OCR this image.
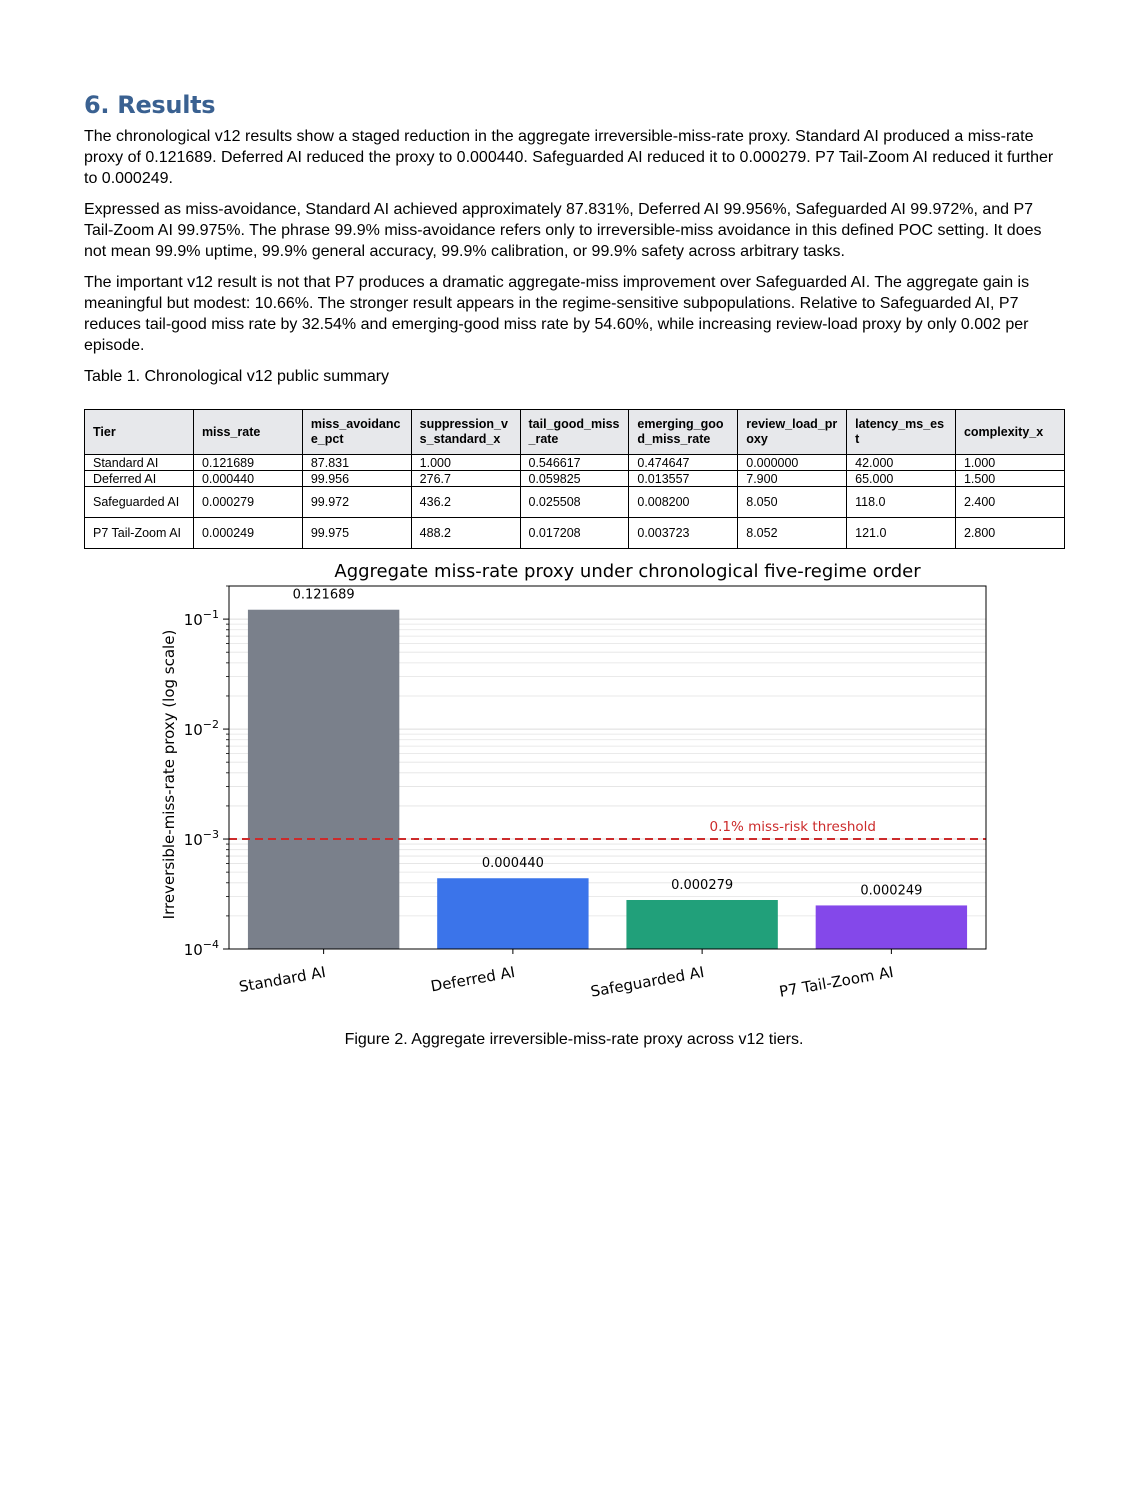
6. Results

The chronological v12 results show a staged reduction in the aggregate irreversible-miss-rate proxy. Standard AI produced a miss-rate proxy of 0.121689. Deferred AI reduced the proxy to 0.000440. Safeguarded AI reduced it to 0.000279. P7 Tail-Zoom AI reduced it further to 0.000249.

Expressed as miss-avoidance, Standard AI achieved approximately 87.831%, Deferred AI 99.956%, Safeguarded AI 99.972%, and P7 Tail-Zoom AI 99.975%. The phrase 99.9% miss-avoidance refers only to irreversible-miss avoidance in this defined POC setting. It does not mean 99.9% uptime, 99.9% general accuracy, 99.9% calibration, or 99.9% safety across arbitrary tasks.

The important v12 result is not that P7 produces a dramatic aggregate-miss improvement over Safeguarded AI. The aggregate gain is meaningful but modest: 10.66%. The stronger result appears in the regime-sensitive subpopulations. Relative to Safeguarded AI, P7 reduces tail-good miss rate by 32.54% and emerging-good miss rate by 54.60%, while increasing review-load proxy by only 0.002 per episode.

Table 1. Chronological v12 public summary
Tier	miss_rate	miss_avoidance_pct	suppression_vs_standard_x	tail_good_miss_rate	emerging_good_miss_rate	review_load_proxy	latency_ms_est	complexity_x
Standard AI	0.121689	87.831	1.000	0.546617	0.474647	0.000000	42.000	1.000
Deferred AI	0.000440	99.956	276.7	0.059825	0.013557	7.900	65.000	1.500
Safeguarded AI	0.000279	99.972	436.2	0.025508	0.008200	8.050	118.0	2.400
P7 Tail-Zoom AI	0.000249	99.975	488.2	0.017208	0.003723	8.052	121.0	2.800
0.121689
Standard AI
0.000440
Deferred AI
0.000279
Safeguarded AI
0.000249
P7 Tail-Zoom AI
0.1% miss-risk threshold
$10^{-1}$
$10^{-2}$
$10^{-3}$
$10^{-4}$
Aggregate miss-rate proxy under chronological five-regime order
Irreversible-miss-rate proxy (log scale)
Figure 2. Aggregate irreversible-miss-rate proxy across v12 tiers.
